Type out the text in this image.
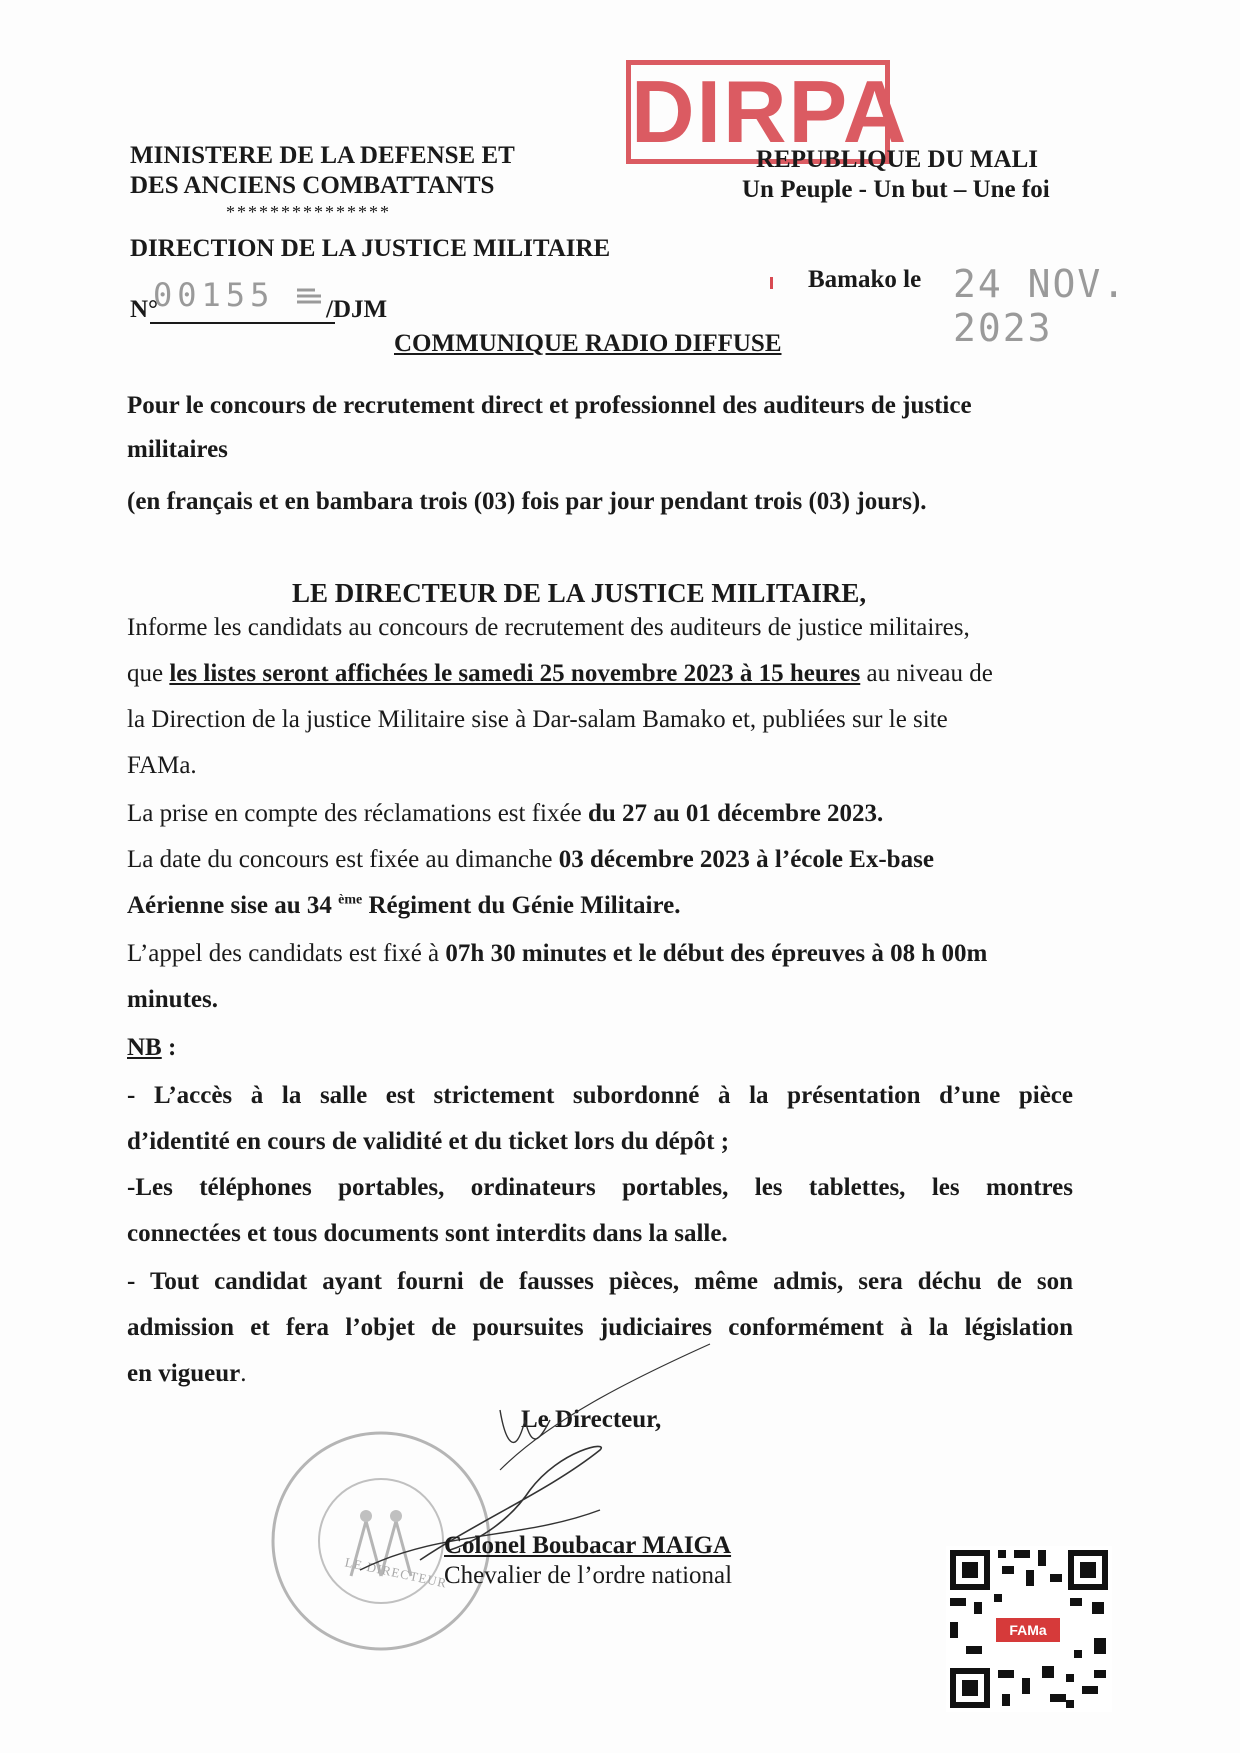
MINISTERE DE LA DEFENSE ET
DES ANCIENS COMBATTANTS
***************
DIRECTION DE LA JUSTICE MILITAIRE
DIRPA
REPUBLIQUE DU MALI
Un Peuple - Un but – Une foi
Bamako le 24 NOV. 2023
N°
00155 /DJM
COMMUNIQUE RADIO DIFFUSE
Pour le concours de recrutement direct et professionnel des auditeurs de justice
militaires
(en français et en bambara trois (03) fois par jour pendant trois (03) jours).
LE DIRECTEUR DE LA JUSTICE MILITAIRE,
Informe les candidats au concours de recrutement des auditeurs de justice militaires,
que les listes seront affichées le samedi 25 novembre 2023 à 15 heures au niveau de
la Direction de la justice Militaire sise à Dar-salam Bamako et, publiées sur le site
FAMa.
La prise en compte des réclamations est fixée du 27 au 01 décembre 2023.
La date du concours est fixée au dimanche 03 décembre 2023 à l’école Ex-base
Aérienne sise au 34 $^{ème}$ Régiment du Génie Militaire.
L’appel des candidats est fixé à 07h 30 minutes et le début des épreuves à 08 h 00m
minutes.
NB :
- L’accès à la salle est strictement subordonné à la présentation d’une pièce
d’identité en cours de validité et du ticket lors du dépôt ;
-Les téléphones portables, ordinateurs portables, les tablettes, les montres
connectées et tous documents sont interdits dans la salle.
- Tout candidat ayant fourni de fausses pièces, même admis, sera déchu de son
admission et fera l’objet de poursuites judiciaires conformément à la législation
en vigueur.
Le Directeur,
LE DIRECTEUR
Colonel Boubacar MAIGA
Chevalier de l’ordre national
FAMa
